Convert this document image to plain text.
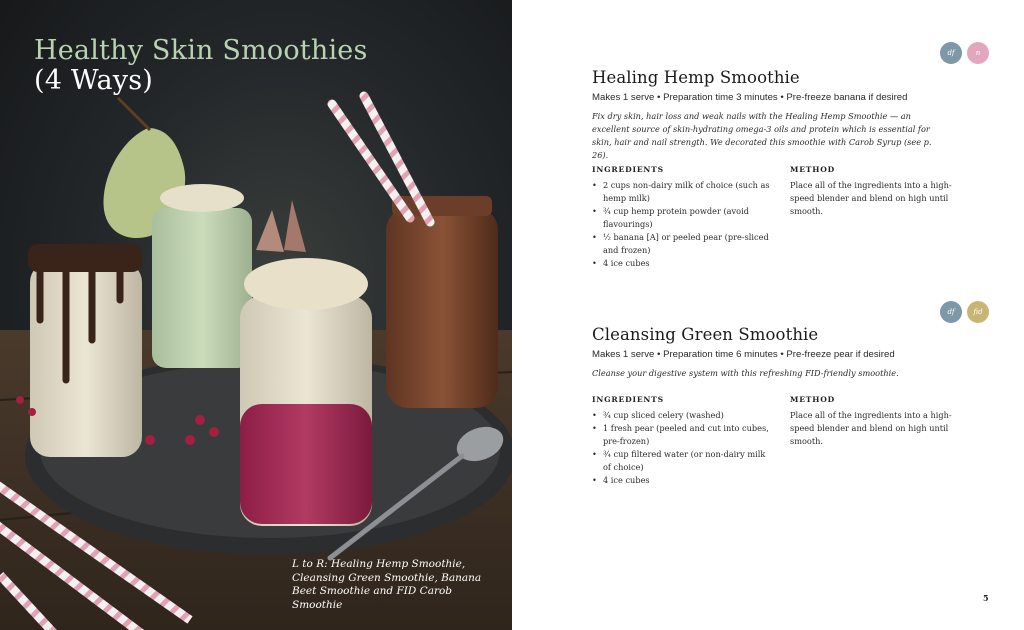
Healthy Skin Smoothies
(4 Ways)
L to R: Healing Hemp Smoothie, Cleansing Green Smoothie, Banana Beet Smoothie and FID Carob Smoothie
df	n
Healing Hemp Smoothie
Makes 1 serve • Preparation time 3 minutes • Pre-freeze banana if desired
Fix dry skin, hair loss and weak nails with the Healing Hemp Smoothie — an excellent source of skin-hydrating omega-3 oils and protein which is essential for skin, hair and nail strength. We decorated this smoothie with Carob Syrup (see p. 26).
INGREDIENTS
• 2 cups non-dairy milk of choice (such as hemp milk)
• ¾ cup hemp protein powder (avoid flavourings)
• ½ banana [A] or peeled pear (pre-sliced and frozen)
• 4 ice cubes
METHOD
Place all of the ingredients into a high-speed blender and blend on high until smooth.
df	fid
Cleansing Green Smoothie
Makes 1 serve • Preparation time 6 minutes • Pre-freeze pear if desired
Cleanse your digestive system with this refreshing FID-friendly smoothie.
INGREDIENTS
• ¾ cup sliced celery (washed)
• 1 fresh pear (peeled and cut into cubes, pre-frozen)
• ¾ cup filtered water (or non-dairy milk of choice)
• 4 ice cubes
METHOD
Place all of the ingredients into a high-speed blender and blend on high until smooth.
5
